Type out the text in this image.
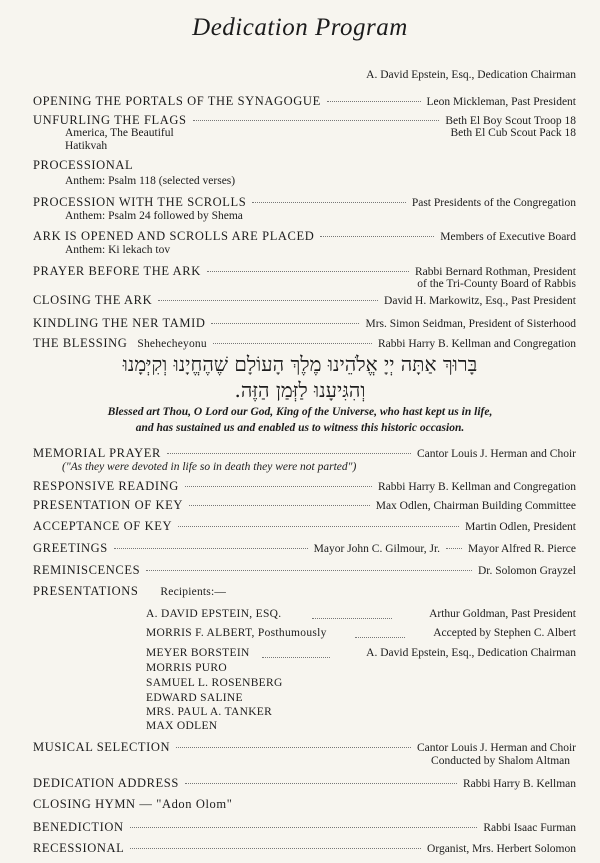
Dedication Program
A. David Epstein, Esq., Dedication Chairman
OPENING THE PORTALS OF THE SYNAGOGUE	Leon Mickleman, Past President
UNFURLING THE FLAGS	Beth El Boy Scout Troop 18
America, The Beautiful	Beth El Cub Scout Pack 18
Hatikvah
PROCESSIONAL
Anthem: Psalm 118 (selected verses)
PROCESSION WITH THE SCROLLS	Past Presidents of the Congregation
Anthem: Psalm 24 followed by Shema
ARK IS OPENED AND SCROLLS ARE PLACED	Members of Executive Board
Anthem: Ki lekach tov
PRAYER BEFORE THE ARK	Rabbi Bernard Rothman, President
of the Tri-County Board of Rabbis
CLOSING THE ARK	David H. Markowitz, Esq., Past President
KINDLING THE NER TAMID	Mrs. Simon Seidman, President of Sisterhood
THE BLESSING Shehecheyonu	Rabbi Harry B. Kellman and Congregation
בָּרוּךְ אַתָּה יְיָ אֱלֹהֵינוּ מֶלֶךְ הָעוֹלָם שֶׁהֶחֱיָנוּ וְקִיְּמָנוּ
וְהִגִּיעָנוּ לַזְּמַן הַזֶּה.
Blessed art Thou, O Lord our God, King of the Universe, who hast kept us in life,
and has sustained us and enabled us to witness this historic occasion.
MEMORIAL PRAYER	Cantor Louis J. Herman and Choir
("As they were devoted in life so in death they were not parted")
RESPONSIVE READING	Rabbi Harry B. Kellman and Congregation
PRESENTATION OF KEY	Max Odlen, Chairman Building Committee
ACCEPTANCE OF KEY	Martin Odlen, President
GREETINGS	Mayor John C. Gilmour, Jr. Mayor Alfred R. Pierce
REMINISCENCES	Dr. Solomon Grayzel
PRESENTATIONS Recipients:—
A. DAVID EPSTEIN, ESQ.	Arthur Goldman, Past President
MORRIS F. ALBERT, Posthumously	Accepted by Stephen C. Albert
MEYER BORSTEIN	A. David Epstein, Esq., Dedication Chairman
MORRIS PURO
SAMUEL L. ROSENBERG
EDWARD SALINE
MRS. PAUL A. TANKER
MAX ODLEN
MUSICAL SELECTION	Cantor Louis J. Herman and Choir
Conducted by Shalom Altman
DEDICATION ADDRESS	Rabbi Harry B. Kellman
CLOSING HYMN — "Adon Olom"
BENEDICTION	Rabbi Isaac Furman
RECESSIONAL	Organist, Mrs. Herbert Solomon
